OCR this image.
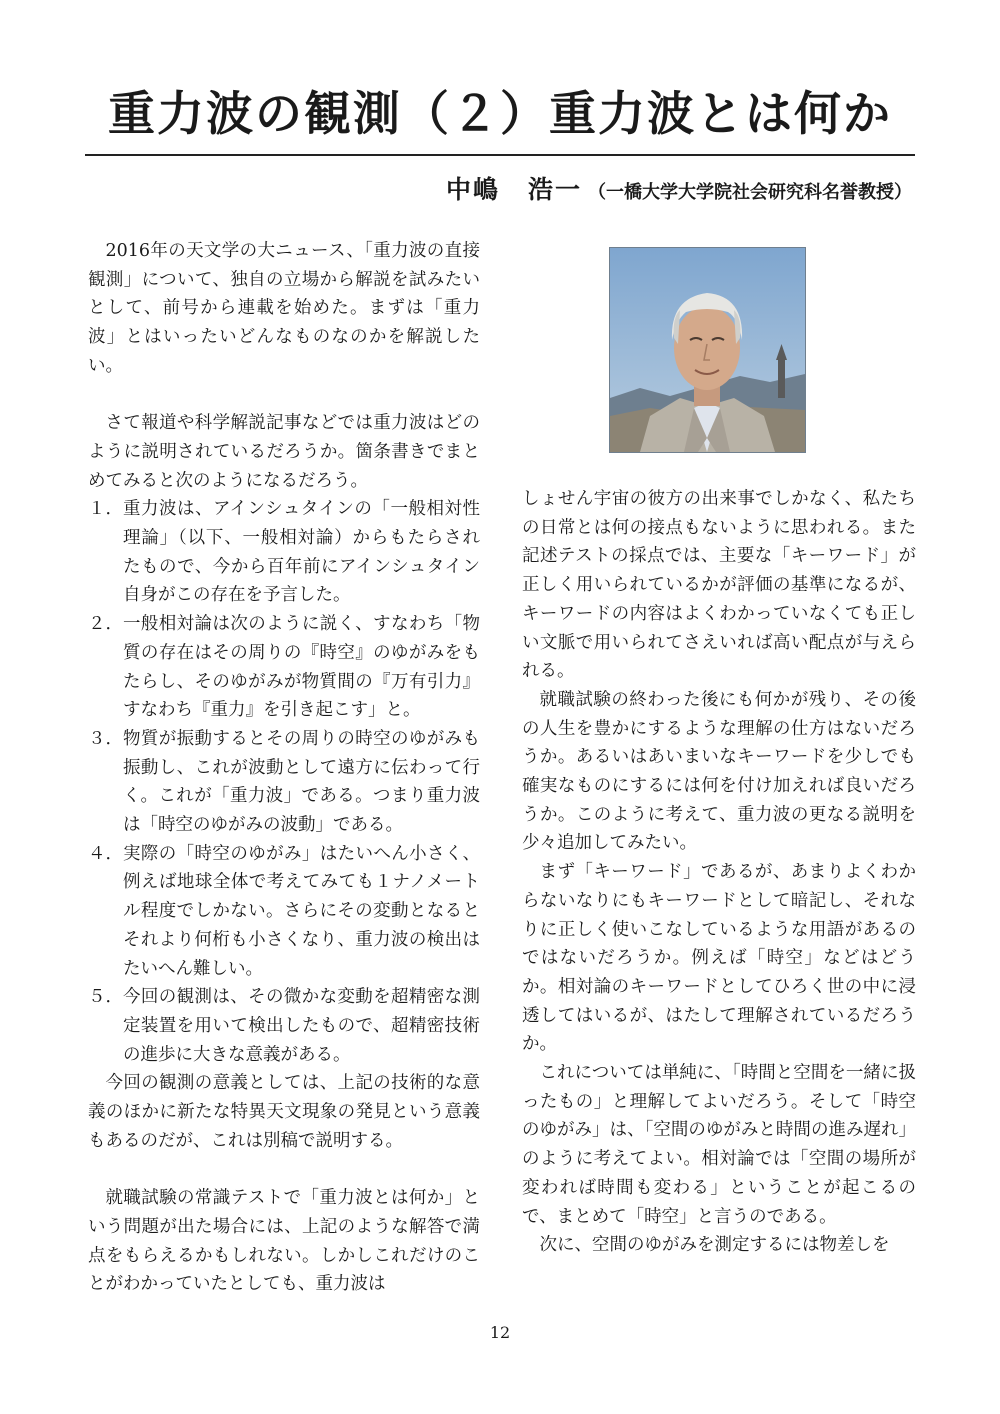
重力波の観測（２）重力波とは何か
中嶋 浩一 （一橋大学大学院社会研究科名誉教授）

2016年の天文学の大ニュース、「重力波の直接観測」について、独自の立場から解説を試みたいとして、前号から連載を始めた。まずは「重力波」とはいったいどんなものなのかを解説したい。

さて報道や科学解説記事などでは重力波はどのように説明されているだろうか。箇条書きでまとめてみると次のようになるだろう。

１． 重力波は、アインシュタインの「一般相対性理論」（以下、一般相対論）からもたらされたもので、今から百年前にアインシュタイン自身がこの存在を予言した。
２． 一般相対論は次のように説く、すなわち「物質の存在はその周りの『時空』のゆがみをもたらし、そのゆがみが物質間の『万有引力』すなわち『重力』を引き起こす」と。
３． 物質が振動するとその周りの時空のゆがみも振動し、これが波動として遠方に伝わって行く。これが「重力波」である。つまり重力波は「時空のゆがみの波動」である。
４． 実際の「時空のゆがみ」はたいへん小さく、例えば地球全体で考えてみても１ナノメートル程度でしかない。さらにその変動となるとそれより何桁も小さくなり、重力波の検出はたいへん難しい。
５． 今回の観測は、その微かな変動を超精密な測定装置を用いて検出したもので、超精密技術の進歩に大きな意義がある。

今回の観測の意義としては、上記の技術的な意義のほかに新たな特異天文現象の発見という意義もあるのだが、これは別稿で説明する。

就職試験の常識テストで「重力波とは何か」という問題が出た場合には、上記のような解答で満点をもらえるかもしれない。しかしこれだけのことがわかっていたとしても、重力波は

しょせん宇宙の彼方の出来事でしかなく、私たちの日常とは何の接点もないように思われる。また記述テストの採点では、主要な「キーワード」が正しく用いられているかが評価の基準になるが、キーワードの内容はよくわかっていなくても正しい文脈で用いられてさえいれば高い配点が与えられる。

就職試験の終わった後にも何かが残り、その後の人生を豊かにするような理解の仕方はないだろうか。あるいはあいまいなキーワードを少しでも確実なものにするには何を付け加えれば良いだろうか。このように考えて、重力波の更なる説明を少々追加してみたい。

まず「キーワード」であるが、あまりよくわからないなりにもキーワードとして暗記し、それなりに正しく使いこなしているような用語があるのではないだろうか。例えば「時空」などはどうか。相対論のキーワードとしてひろく世の中に浸透してはいるが、はたして理解されているだろうか。

これについては単純に、「時間と空間を一緒に扱ったもの」と理解してよいだろう。そして「時空のゆがみ」は、「空間のゆがみと時間の進み遅れ」のように考えてよい。相対論では「空間の場所が変われば時間も変わる」ということが起こるので、まとめて「時空」と言うのである。

次に、空間のゆがみを測定するには物差しを

12
